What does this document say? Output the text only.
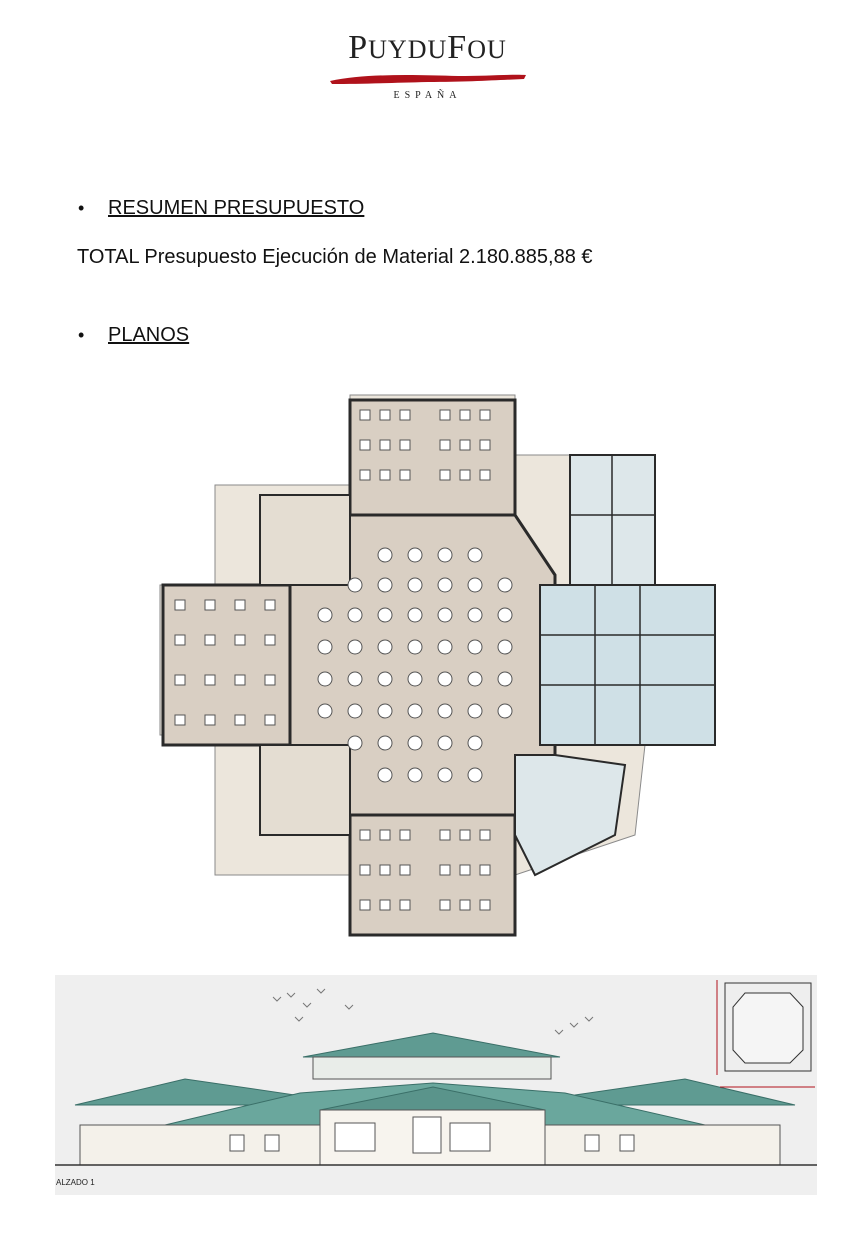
PUYDUFOU
ESPAÑA
•	RESUMEN PRESUPUESTO
TOTAL Presupuesto Ejecución de Material 2.180.885,88 €
•	PLANOS
ALZADO 1
